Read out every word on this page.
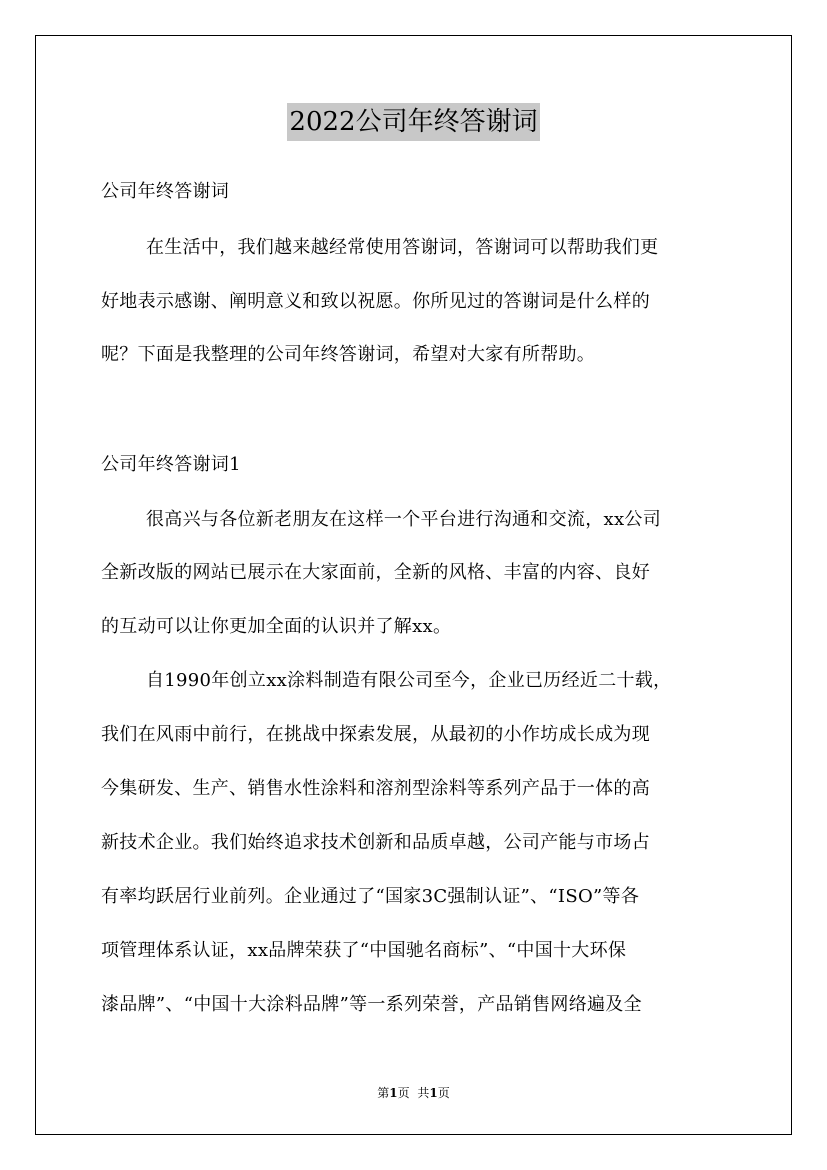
2022公司年终答谢词
公司年终答谢词
在生活中，我们越来越经常使用答谢词，答谢词可以帮助我们更
好地表示感谢、阐明意义和致以祝愿。你所见过的答谢词是什么样的
呢？下面是我整理的公司年终答谢词，希望对大家有所帮助。
公司年终答谢词1
很高兴与各位新老朋友在这样一个平台进行沟通和交流，xx公司
全新改版的网站已展示在大家面前，全新的风格、丰富的内容、良好
的互动可以让你更加全面的认识并了解xx。
自1990年创立xx涂料制造有限公司至今，企业已历经近二十载，
我们在风雨中前行，在挑战中探索发展，从最初的小作坊成长成为现
今集研发、生产、销售水性涂料和溶剂型涂料等系列产品于一体的高
新技术企业。我们始终追求技术创新和品质卓越，公司产能与市场占
有率均跃居行业前列。企业通过了“国家3C强制认证”、“ISO”等各
项管理体系认证，xx品牌荣获了“中国驰名商标”、“中国十大环保
漆品牌”、“中国十大涂料品牌”等一系列荣誉，产品销售网络遍及全
第1页 共1页
